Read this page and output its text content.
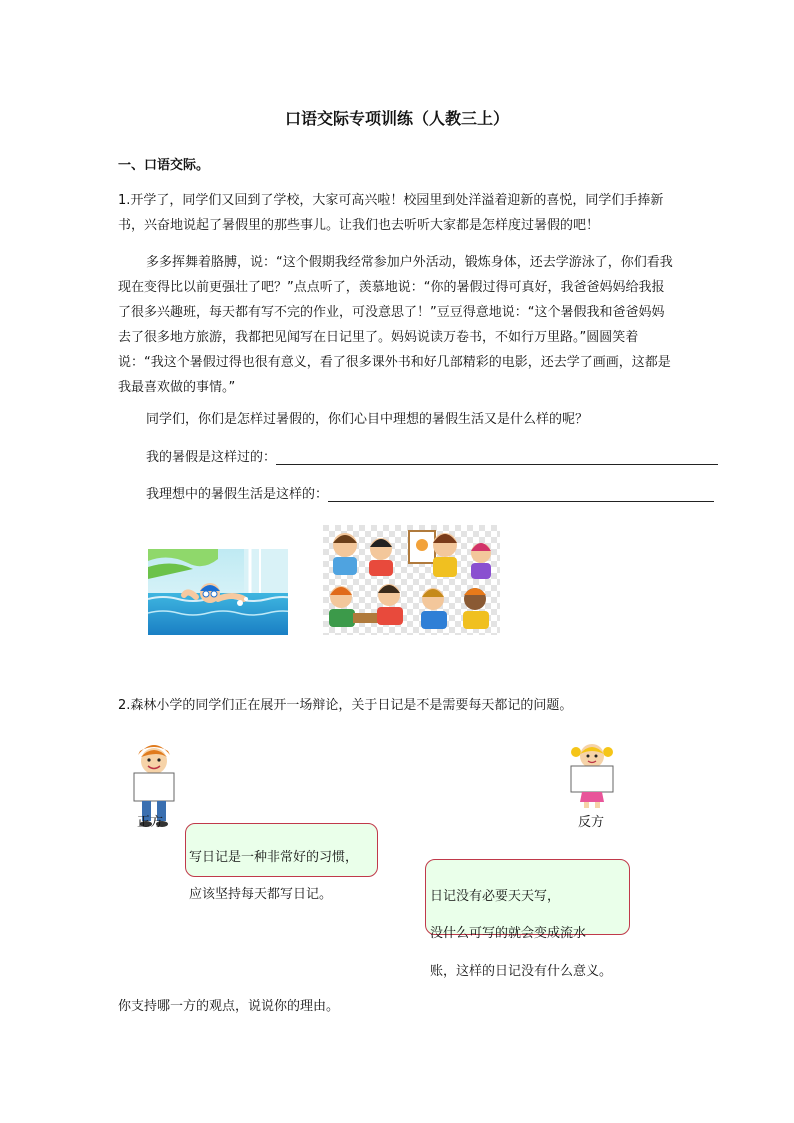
口语交际专项训练（人教三上）
一、口语交际。
1.开学了，同学们又回到了学校，大家可高兴啦！校园里到处洋溢着迎新的喜悦，同学们手捧新书，兴奋地说起了暑假里的那些事儿。让我们也去听听大家都是怎样度过暑假的吧！
多多挥舞着胳膊，说：“这个假期我经常参加户外活动，锻炼身体，还去学游泳了，你们看我现在变得比以前更强壮了吧？”点点听了，羡慕地说：“你的暑假过得可真好，我爸爸妈妈给我报了很多兴趣班，每天都有写不完的作业，可没意思了！”豆豆得意地说：“这个暑假我和爸爸妈妈去了很多地方旅游，我都把见闻写在日记里了。妈妈说读万卷书，不如行万里路。”圆圆笑着说：“我这个暑假过得也很有意义，看了很多课外书和好几部精彩的电影，还去学了画画，这都是我最喜欢做的事情。”
同学们，你们是怎样过暑假的，你们心目中理想的暑假生活又是什么样的呢？
我的暑假是这样过的：
我理想中的暑假生活是这样的：
2.森林小学的同学们正在展开一场辩论，关于日记是不是需要每天都记的问题。
正方	反方
写日记是一种非常好的习惯，
应该坚持每天都写日记。	日记没有必要天天写，
没什么可写的就会变成流水
账，这样的日记没有什么意义。
你支持哪一方的观点，说说你的理由。
